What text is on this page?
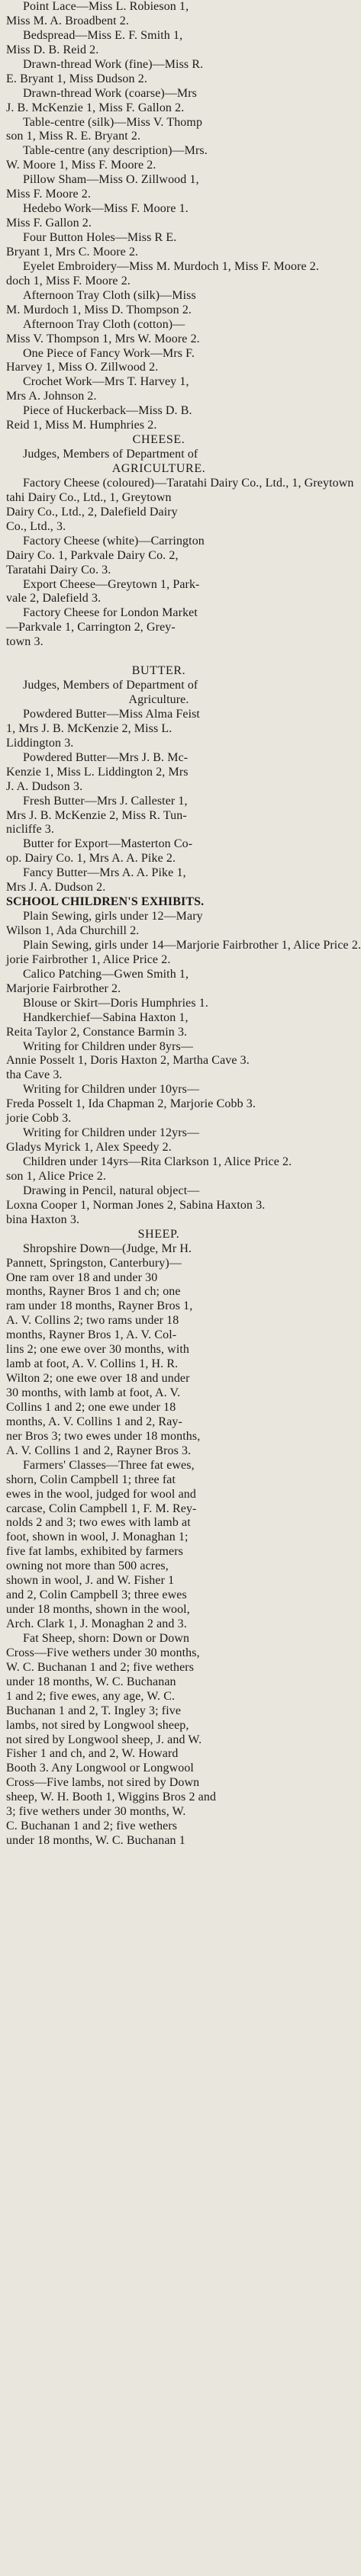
Point Lace—Miss L. Robieson 1,
Miss M. A. Broadbent 2.
Bedspread—Miss E. F. Smith 1,
Miss D. B. Reid 2.
Drawn-thread Work (fine)—Miss R.
E. Bryant 1, Miss Dudson 2.
Drawn-thread Work (coarse)—Mrs
J. B. McKenzie 1, Miss F. Gallon 2.
Table-centre (silk)—Miss V. Thomp
son 1, Miss R. E. Bryant 2.
Table-centre (any description)—Mrs.
W. Moore 1, Miss F. Moore 2.
Pillow Sham—Miss O. Zillwood 1,
Miss F. Moore 2.
Hedebo Work—Miss F. Moore 1.
Miss F. Gallon 2.
Four Button Holes—Miss R E.
Bryant 1, Mrs C. Moore 2.
Eyelet Embroidery—Miss M. Murdoch 1, Miss F. Moore 2.
doch 1, Miss F. Moore 2.
Afternoon Tray Cloth (silk)—Miss
M. Murdoch 1, Miss D. Thompson 2.
Afternoon Tray Cloth (cotton)—
Miss V. Thompson 1, Mrs W. Moore 2.
One Piece of Fancy Work—Mrs F.
Harvey 1, Miss O. Zillwood 2.
Crochet Work—Mrs T. Harvey 1,
Mrs A. Johnson 2.
Piece of Huckerback—Miss D. B.
Reid 1, Miss M. Humphries 2.
CHEESE.
Judges, Members of Department of
AGRICULTURE.
Factory Cheese (coloured)—Taratahi Dairy Co., Ltd., 1, Greytown
tahi Dairy Co., Ltd., 1, Greytown
Dairy Co., Ltd., 2, Dalefield Dairy
Co., Ltd., 3.
Factory Cheese (white)—Carrington
Dairy Co. 1, Parkvale Dairy Co. 2,
Taratahi Dairy Co. 3.
Export Cheese—Greytown 1, Park-
vale 2, Dalefield 3.
Factory Cheese for London Market
—Parkvale 1, Carrington 2, Grey-
town 3.
BUTTER.
Judges, Members of Department of
Agriculture.
Powdered Butter—Miss Alma Feist
1, Mrs J. B. McKenzie 2, Miss L.
Liddington 3.
Powdered Butter—Mrs J. B. Mc-
Kenzie 1, Miss L. Liddington 2, Mrs
J. A. Dudson 3.
Fresh Butter—Mrs J. Callester 1,
Mrs J. B. McKenzie 2, Miss R. Tun-
nicliffe 3.
Butter for Export—Masterton Co-
op. Dairy Co. 1, Mrs A. A. Pike 2.
Fancy Butter—Mrs A. A. Pike 1,
Mrs J. A. Dudson 2.
SCHOOL CHILDREN'S EXHIBITS.
Plain Sewing, girls under 12—Mary
Wilson 1, Ada Churchill 2.
Plain Sewing, girls under 14—Marjorie Fairbrother 1, Alice Price 2.
jorie Fairbrother 1, Alice Price 2.
Calico Patching—Gwen Smith 1,
Marjorie Fairbrother 2.
Blouse or Skirt—Doris Humphries 1.
Handkerchief—Sabina Haxton 1,
Reita Taylor 2, Constance Barmin 3.
Writing for Children under 8yrs—
Annie Posselt 1, Doris Haxton 2, Martha Cave 3.
tha Cave 3.
Writing for Children under 10yrs—
Freda Posselt 1, Ida Chapman 2, Marjorie Cobb 3.
jorie Cobb 3.
Writing for Children under 12yrs—
Gladys Myrick 1, Alex Speedy 2.
Children under 14yrs—Rita Clarkson 1, Alice Price 2.
son 1, Alice Price 2.
Drawing in Pencil, natural object—
Loxna Cooper 1, Norman Jones 2, Sabina Haxton 3.
bina Haxton 3.
SHEEP.
Shropshire Down—(Judge, Mr H.
Pannett, Springston, Canterbury)—
One ram over 18 and under 30
months, Rayner Bros 1 and ch; one
ram under 18 months, Rayner Bros 1,
A. V. Collins 2; two rams under 18
months, Rayner Bros 1, A. V. Col-
lins 2; one ewe over 30 months, with
lamb at foot, A. V. Collins 1, H. R.
Wilton 2; one ewe over 18 and under
30 months, with lamb at foot, A. V.
Collins 1 and 2; one ewe under 18
months, A. V. Collins 1 and 2, Ray-
ner Bros 3; two ewes under 18 months,
A. V. Collins 1 and 2, Rayner Bros 3.
Farmers' Classes—Three fat ewes,
shorn, Colin Campbell 1; three fat
ewes in the wool, judged for wool and
carcase, Colin Campbell 1, F. M. Rey-
nolds 2 and 3; two ewes with lamb at
foot, shown in wool, J. Monaghan 1;
five fat lambs, exhibited by farmers
owning not more than 500 acres,
shown in wool, J. and W. Fisher 1
and 2, Colin Campbell 3; three ewes
under 18 months, shown in the wool,
Arch. Clark 1, J. Monaghan 2 and 3.
Fat Sheep, shorn: Down or Down
Cross—Five wethers under 30 months,
W. C. Buchanan 1 and 2; five wethers
under 18 months, W. C. Buchanan
1 and 2; five ewes, any age, W. C.
Buchanan 1 and 2, T. Ingley 3; five
lambs, not sired by Longwool sheep,
not sired by Longwool sheep, J. and W.
Fisher 1 and ch, and 2, W. Howard
Booth 3. Any Longwool or Longwool
Cross—Five lambs, not sired by Down
sheep, W. H. Booth 1, Wiggins Bros 2 and
3; five wethers under 30 months, W.
C. Buchanan 1 and 2; five wethers
under 18 months, W. C. Buchanan 1
